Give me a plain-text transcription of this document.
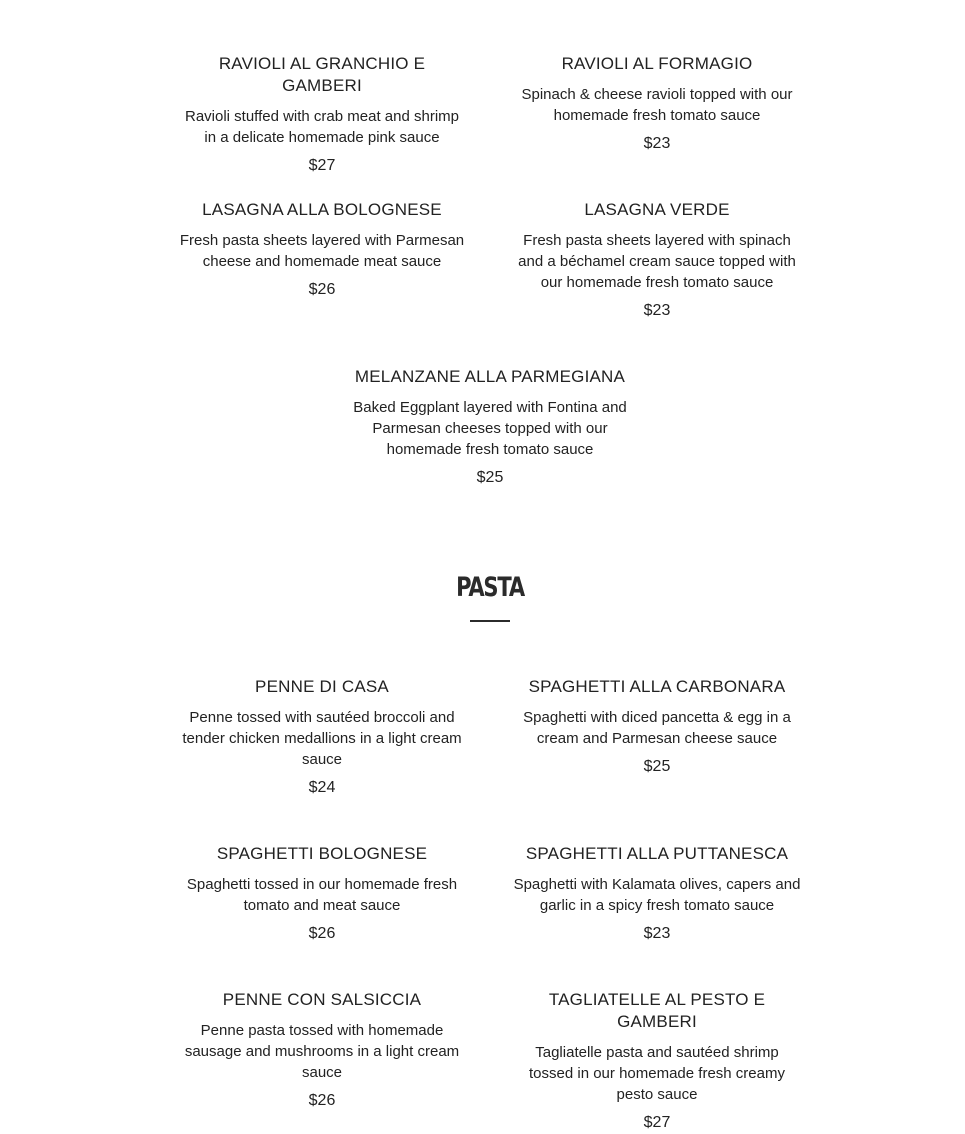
RAVIOLI AL GRANCHIO E GAMBERI

Ravioli stuffed with crab meat and shrimp in a delicate homemade pink sauce

$27

RAVIOLI AL FORMAGIO

Spinach & cheese ravioli topped with our homemade fresh tomato sauce

$23

LASAGNA ALLA BOLOGNESE

Fresh pasta sheets layered with Parmesan cheese and homemade meat sauce

$26

LASAGNA VERDE

Fresh pasta sheets layered with spinach and a béchamel cream sauce topped with our homemade fresh tomato sauce

$23

MELANZANE ALLA PARMEGIANA

Baked Eggplant layered with Fontina and Parmesan cheeses topped with our homemade fresh tomato sauce

$25

PASTA
PENNE DI CASA

Penne tossed with sautéed broccoli and tender chicken medallions in a light cream sauce

$24

SPAGHETTI ALLA CARBONARA

Spaghetti with diced pancetta & egg in a cream and Parmesan cheese sauce

$25

SPAGHETTI BOLOGNESE

Spaghetti tossed in our homemade fresh tomato and meat sauce

$26

SPAGHETTI ALLA PUTTANESCA

Spaghetti with Kalamata olives, capers and garlic in a spicy fresh tomato sauce

$23

PENNE CON SALSICCIA

Penne pasta tossed with homemade sausage and mushrooms in a light cream sauce

$26

TAGLIATELLE AL PESTO E GAMBERI

Tagliatelle pasta and sautéed shrimp tossed in our homemade fresh creamy pesto sauce

$27
